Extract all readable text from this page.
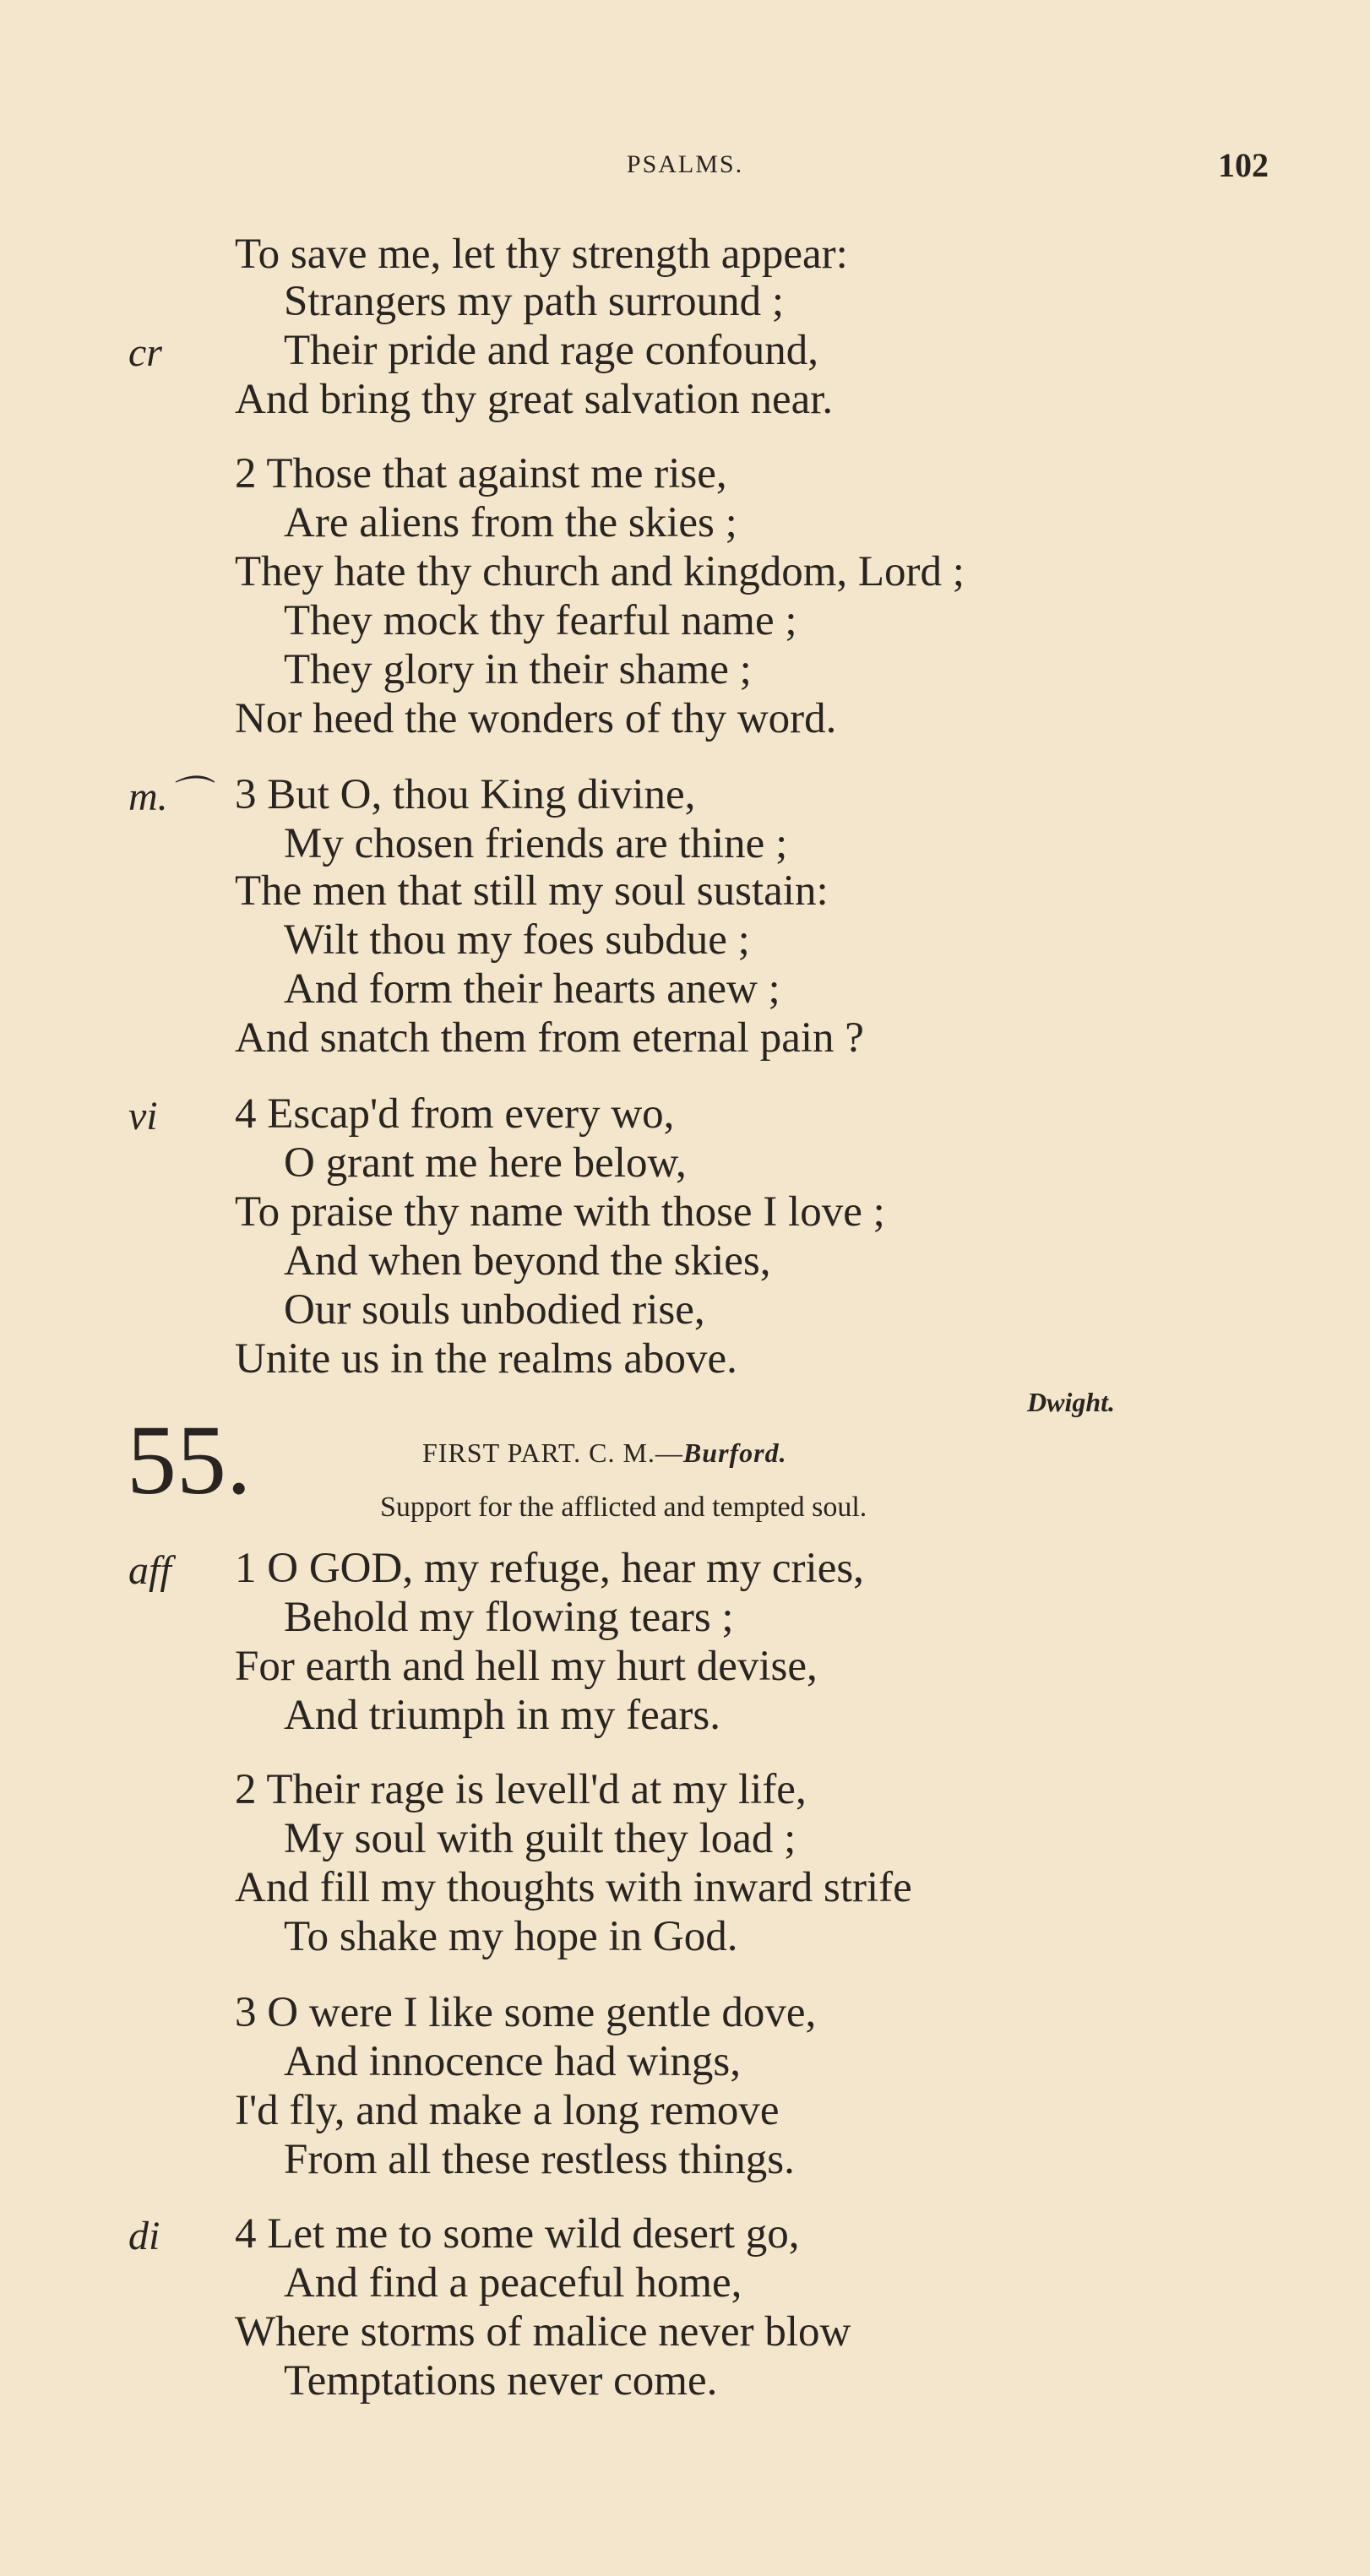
PSALMS.	102
To save me, let thy strength appear:
Strangers my path surround ;
cr	Their pride and rage confound,
And bring thy great salvation near.
2 Those that against me rise,
Are aliens from the skies ;
They hate thy church and kingdom, Lord ;
They mock thy fearful name ;
They glory in their shame ;
Nor heed the wonders of thy word.
m.⌒ 3 But O, thou King divine,
My chosen friends are thine ;
The men that still my soul sustain:
Wilt thou my foes subdue ;
And form their hearts anew ;
And snatch them from eternal pain ?
vi 4 Escap'd from every wo,
O grant me here below,
To praise thy name with those I love ;
And when beyond the skies,
Our souls unbodied rise,
Unite us in the realms above.
Dwight.
55.	FIRST PART. C. M.—Burford.
Support for the afflicted and tempted soul.
aff 1 O GOD, my refuge, hear my cries,
Behold my flowing tears ;
For earth and hell my hurt devise,
And triumph in my fears.
2 Their rage is levell'd at my life,
My soul with guilt they load ;
And fill my thoughts with inward strife
To shake my hope in God.
3 O were I like some gentle dove,
And innocence had wings,
I'd fly, and make a long remove
From all these restless things.
di 4 Let me to some wild desert go,
And find a peaceful home,
Where storms of malice never blow
Temptations never come.
